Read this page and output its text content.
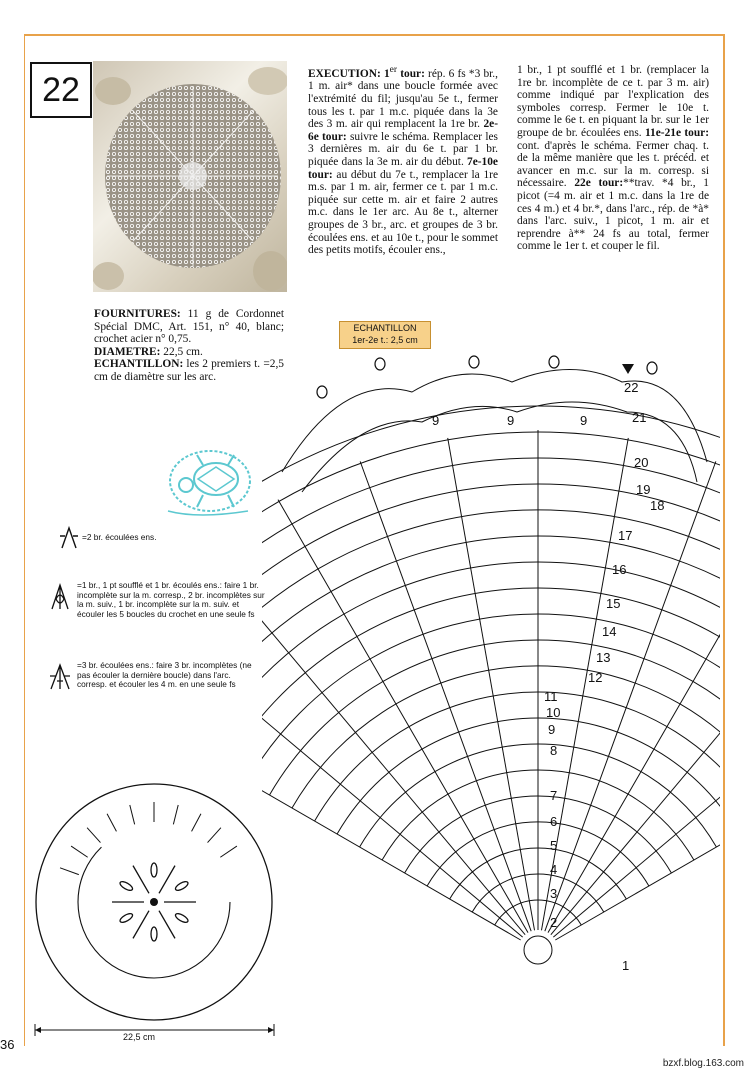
22	EXECUTION: 1er tour: rép. 6 fs *3 br., 1 m. air* dans une boucle formée avec l'extrémité du fil; jusqu'au 5e t., fermer tous les t. par 1 m.c. piquée dans la 3e des 3 m. air qui remplacent la 1re br. 2e-6e tour: suivre le schéma. Remplacer les 3 dernières m. air du 6e t. par 1 br. piquée dans la 3e m. air du début. 7e-10e tour: au début du 7e t., remplacer la 1re m.s. par 1 m. air, fermer ce t. par 1 m.c. piquée sur cette m. air et faire 2 autres m.c. dans le 1er arc. Au 8e t., alterner groupes de 3 br., arc. et groupes de 3 br. écoulées ens. et au 10e t., pour le sommet des petits motifs, écouler ens.,

1 br., 1 pt soufflé et 1 br. (remplacer la 1re br. incomplète de ce t. par 3 m. air) comme indiqué par l'explication des symboles corresp. Fermer le 10e t. comme le 6e t. en piquant la br. sur le 1er groupe de br. écoulées ens. 11e-21e tour: cont. d'après le schéma. Fermer chaq. t. de la même manière que les t. précéd. et avancer en m.c. sur la m. corresp. si nécessaire. 22e tour:**trav. *4 br., 1 picot (=4 m. air et 1 m.c. dans la 1re de ces 4 m.) et 4 br.*, dans l'arc., rép. de *à* dans l'arc. suiv., 1 picot, 1 m. air et reprendre à** 24 fs au total, fermer comme le 1er t. et couper le fil.

FOURNITURES: 11 g de Cordonnet Spécial DMC, Art. 151, n° 40, blanc; crochet acier n° 0,75.
DIAMETRE: 22,5 cm.
ECHANTILLON: les 2 premiers t. =2,5 cm de diamètre sur les arc.
ECHANTILLON
1er-2e t.: 2,5 cm
=2 br. écoulées ens.
=1 br., 1 pt soufflé et 1 br. écoulés ens.: faire 1 br. incomplète sur la m. corresp., 2 br. incomplètes sur la m. suiv., 1 br. incomplète sur la m. suiv. et écouler les 5 boucles du crochet en une seule fs
=3 br. écoulées ens.: faire 3 br. incomplètes (ne pas écouler la dernière boucle) dans l'arc. corresp. et écouler les 4 m. en une seule fs
22
21
20
19
18
17
16
15
14
13
12
11
10
9
8
7
6
5
4
3
2
1
9	9	9
22,5 cm
36
bzxf.blog.163.com
